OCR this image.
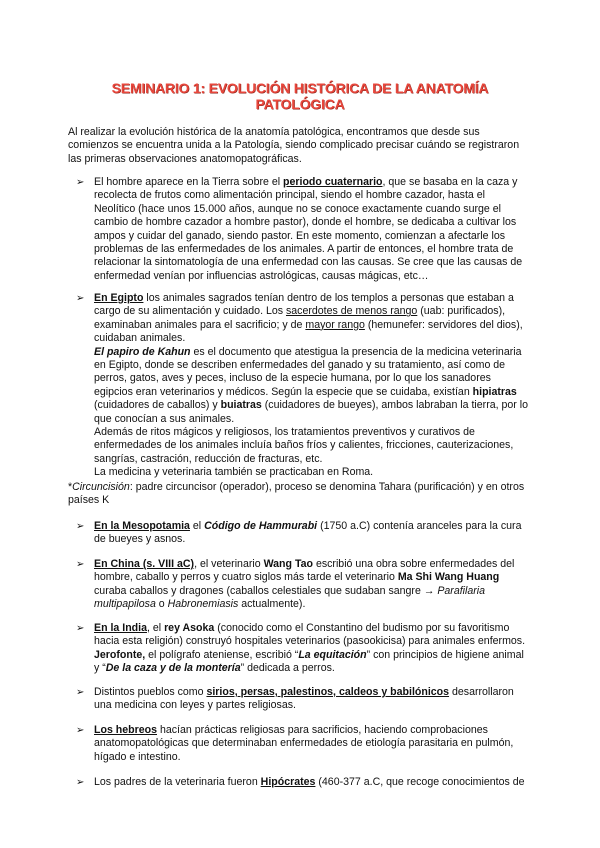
SEMINARIO 1: EVOLUCIÓN HISTÓRICA DE LA ANATOMÍA
PATOLÓGICA
Al realizar la evolución histórica de la anatomía patológica, encontramos que desde sus comienzos se encuentra unida a la Patología, siendo complicado precisar cuándo se registraron las primeras observaciones anatomopatográficas.
➢ El hombre aparece en la Tierra sobre el periodo cuaternario, que se basaba en la caza y recolecta de frutos como alimentación principal, siendo el hombre cazador, hasta el Neolítico (hace unos 15.000 años, aunque no se conoce exactamente cuando surge el cambio de hombre cazador a hombre pastor), donde el hombre, se dedicaba a cultivar los ampos y cuidar del ganado, siendo pastor. En este momento, comienzan a afectarle los problemas de las enfermedades de los animales. A partir de entonces, el hombre trata de relacionar la sintomatología de una enfermedad con las causas. Se cree que las causas de enfermedad venían por influencias astrológicas, causas mágicas, etc…
➢ En Egipto los animales sagrados tenían dentro de los templos a personas que estaban a cargo de su alimentación y cuidado. Los sacerdotes de menos rango (uab: purificados), examinaban animales para el sacrificio; y de mayor rango (hemunefer: servidores del dios), cuidaban animales.
El papiro de Kahun es el documento que atestigua la presencia de la medicina veterinaria en Egipto, donde se describen enfermedades del ganado y su tratamiento, así como de perros, gatos, aves y peces, incluso de la especie humana, por lo que los sanadores egipcios eran veterinarios y médicos. Según la especie que se cuidaba, existían hipiatras (cuidadores de caballos) y buiatras (cuidadores de bueyes), ambos labraban la tierra, por lo que conocían a sus animales.
Además de ritos mágicos y religiosos, los tratamientos preventivos y curativos de enfermedades de los animales incluía baños fríos y calientes, fricciones, cauterizaciones, sangrías, castración, reducción de fracturas, etc.
La medicina y veterinaria también se practicaban en Roma.
*Circuncisión: padre circuncisor (operador), proceso se denomina Tahara (purificación) y en otros países K
➢ En la Mesopotamia el Código de Hammurabi (1750 a.C) contenía aranceles para la cura de bueyes y asnos.
➢ En China (s. VIII aC), el veterinario Wang Tao escribió una obra sobre enfermedades del hombre, caballo y perros y cuatro siglos más tarde el veterinario Ma Shi Wang Huang curaba caballos y dragones (caballos celestiales que sudaban sangre → Parafilaria multipapilosa o Habronemiasis actualmente).
➢ En la India, el rey Asoka (conocido como el Constantino del budismo por su favoritismo hacia esta religión) construyó hospitales veterinarios (pasookicisa) para animales enfermos.
Jerofonte, el polígrafo ateniense, escribió “La equitación” con principios de higiene animal y “De la caza y de la montería” dedicada a perros.
➢ Distintos pueblos como sirios, persas, palestinos, caldeos y babilónicos desarrollaron una medicina con leyes y partes religiosas.
➢ Los hebreos hacían prácticas religiosas para sacrificios, haciendo comprobaciones anatomopatológicas que determinaban enfermedades de etiología parasitaria en pulmón, hígado e intestino.
➢ Los padres de la veterinaria fueron Hipócrates (460-377 a.C, que recoge conocimientos de
